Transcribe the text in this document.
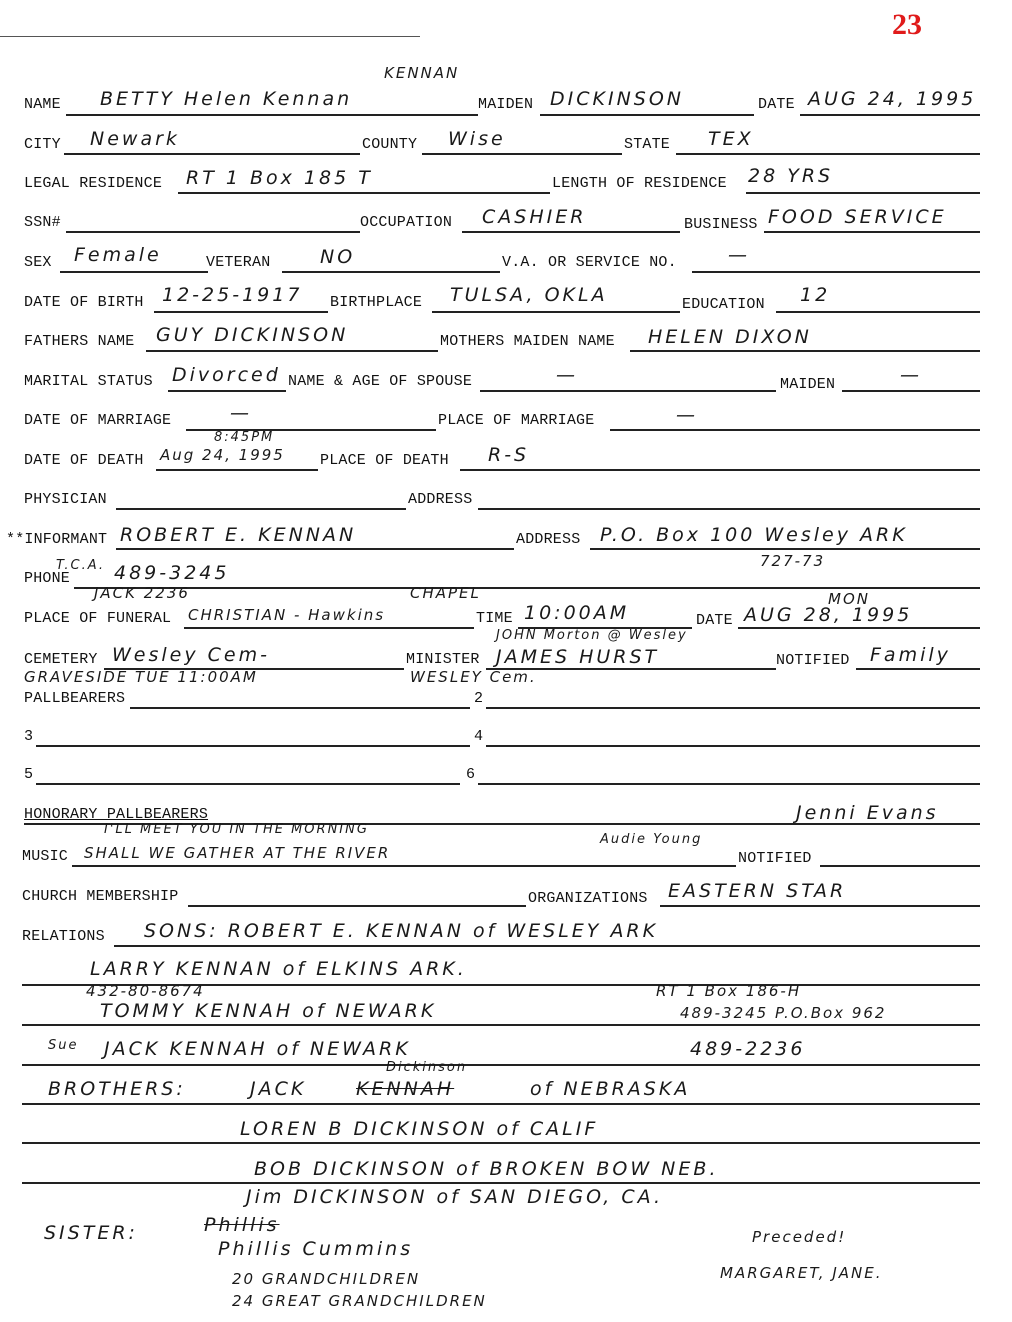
23
KENNAN
NAME BETTY Helen Kennan	MAIDEN DICKINSON	DATE AUG 24, 1995
CITY Newark	COUNTY Wise	STATE TEX
LEGAL RESIDENCE RT 1 Box 185 T	LENGTH OF RESIDENCE 28 YRS
SSN#	OCCUPATION CASHIER	BUSINESS FOOD SERVICE
SEX Female	VETERAN	NO	V.A. OR SERVICE NO.	—
DATE OF BIRTH 12-25-1917 BIRTHPLACE TULSA, OKLA	EDUCATION 12
FATHERS NAME GUY DICKINSON	MOTHERS MAIDEN NAME HELEN DIXON
MARITAL STATUS Divorced NAME & AGE OF SPOUSE	—	MAIDEN	—
DATE OF MARRIAGE	—	PLACE OF MARRIAGE	—
8:45PM
DATE OF DEATH Aug 24, 1995 PLACE OF DEATH R-S
PHYSICIAN	ADDRESS
**INFORMANT ROBERT E. KENNAN	ADDRESS P.O. Box 100 Wesley ARK
727-73
T.C.A.
PHONE 489-3245
JACK 2236	CHAPEL	MON
PLACE OF FUNERAL CHRISTIAN - Hawkins	TIME 10:00AM	DATE AUG 28, 1995
JOHN Morton @ Wesley
CEMETERY Wesley Cem-	MINISTER JAMES HURST	NOTIFIED Family
GRAVESIDE TUE 11:00AM	WESLEY Cem.
PALLBEARERS	2
3	4
5	6
HONORARY PALLBEARERS	Jenni Evans
I'LL MEET YOU IN THE MORNING
MUSIC SHALL WE GATHER AT THE RIVER
Audie Young
NOTIFIED
CHURCH MEMBERSHIP	ORGANIZATIONS EASTERN STAR
RELATIONS SONS: ROBERT E. KENNAN of WESLEY ARK
LARRY KENNAN of ELKINS ARK.
432-80-8674	RT 1 Box 186-H
TOMMY KENNAH of NEWARK	489-3245 P.O.Box 962
Sue JACK KENNAH of NEWARK	489-2236
Dickinson
BROTHERS:	JACK	KENNAH	of NEBRASKA
LOREN B DICKINSON of CALIF
BOB DICKINSON of BROKEN BOW NEB.
Jim DICKINSON of SAN DIEGO, CA.
SISTER:	Phillis
Phillis Cummins
Preceded!
MARGARET, JANE.
20 GRANDCHILDREN
24 GREAT GRANDCHILDREN
